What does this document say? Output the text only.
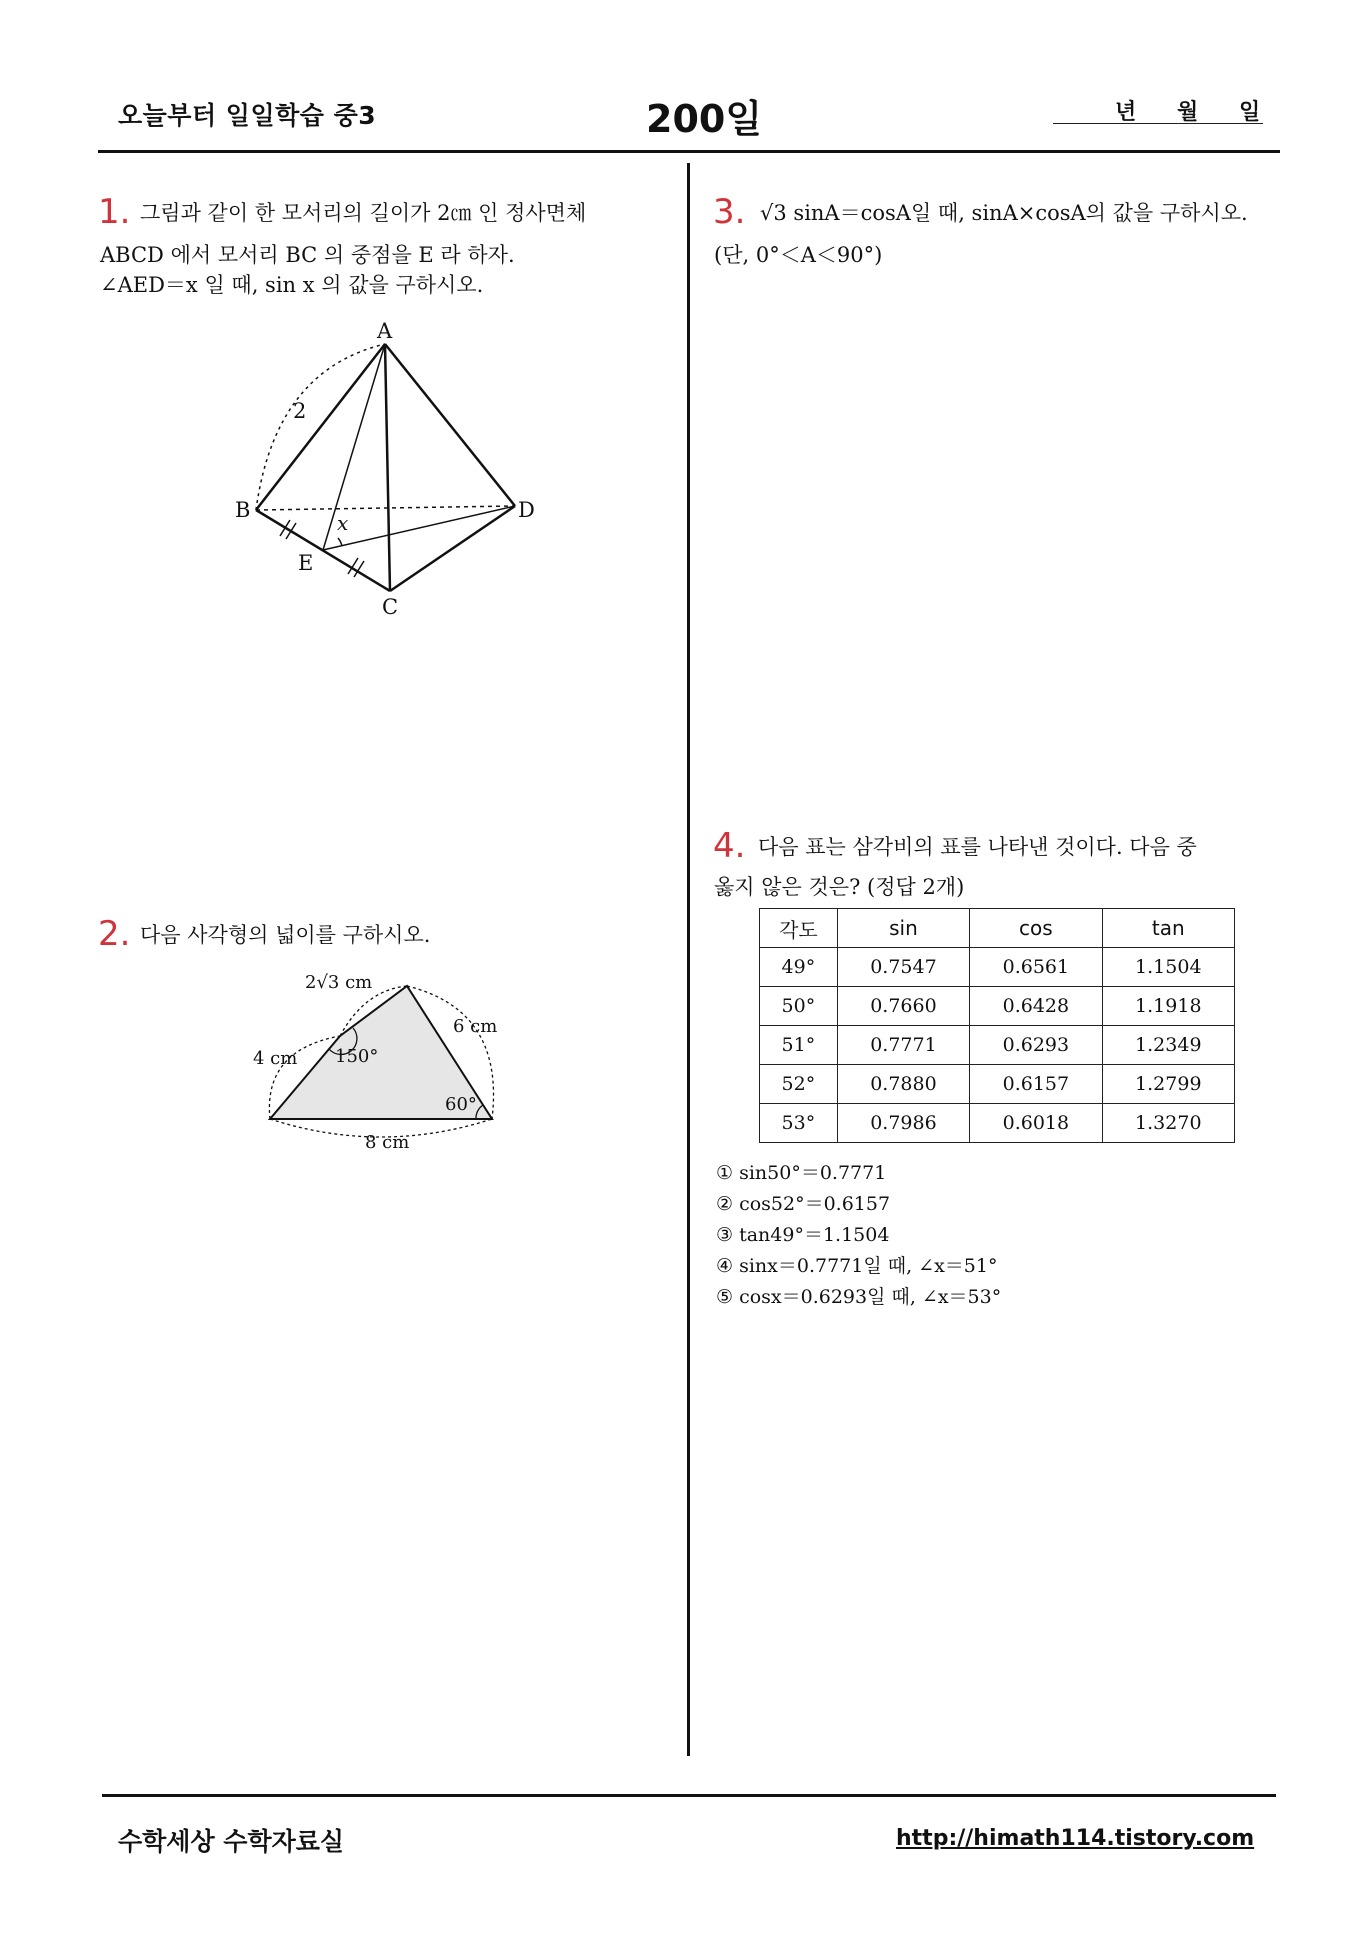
오늘부터 일일학습 중3	200일	년 월 일
1. 그림과 같이 한 모서리의 길이가 2㎝ 인 정사면체
ABCD 에서 모서리 BC 의 중점을 E 라 하자.
∠AED＝x 일 때, sin x 의 값을 구하시오.
A
B
C
D
E
x
2
2. 다음 사각형의 넓이를 구하시오.
2√3 cm
4 cm
6 cm
8 cm
150°
60°
3. √3 sinA＝cosA일 때, sinA×cosA의 값을 구하시오.
(단, 0°＜A＜90°)
4. 다음 표는 삼각비의 표를 나타낸 것이다. 다음 중
옳지 않은 것은? (정답 2개)
각도	sin	cos	tan
49°	0.7547	0.6561	1.1504
50°	0.7660	0.6428	1.1918
51°	0.7771	0.6293	1.2349
52°	0.7880	0.6157	1.2799
53°	0.7986	0.6018	1.3270
① sin50°＝0.7771
② cos52°＝0.6157
③ tan49°＝1.1504
④ sinx＝0.7771일 때, ∠x＝51°
⑤ cosx＝0.6293일 때, ∠x＝53°
수학세상 수학자료실	http://himath114.tistory.com
